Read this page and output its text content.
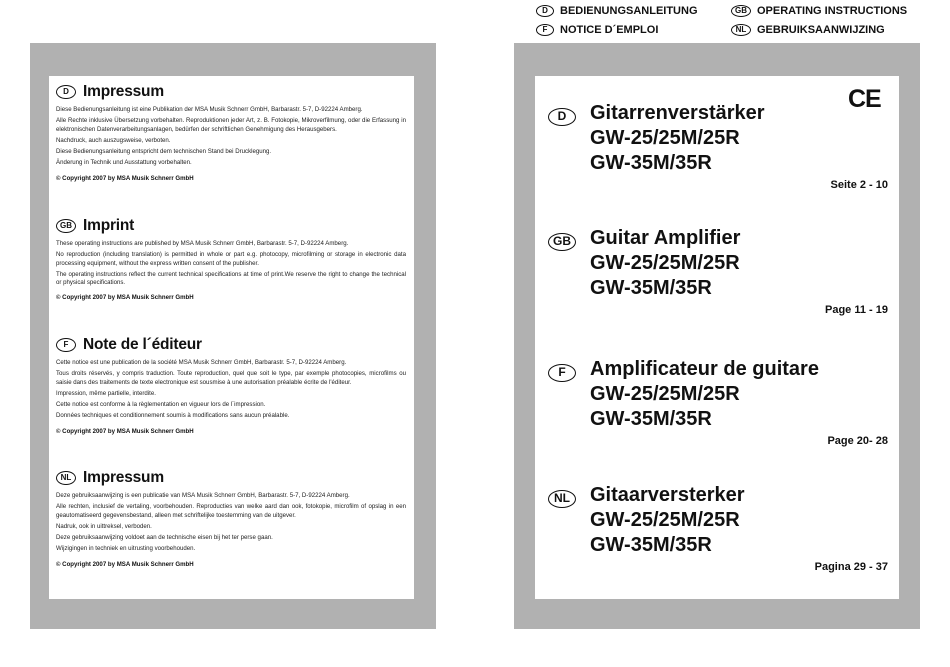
D	BEDIENUNGSANLEITUNG	GB OPERATING INSTRUCTIONS
F	NOTICE D´EMPLOI	NL GEBRUIKSAANWIJZING
D Impressum
Diese Bedienungsanleitung ist eine Publikation der MSA Musik Schnerr GmbH, Barbarastr. 5-7, D-92224 Amberg.
Alle Rechte inklusive Übersetzung vorbehalten. Reproduktionen jeder Art, z. B. Fotokopie, Mikroverfilmung, oder die Erfassung in elektronischen Datenverarbeitungsanlagen, bedürfen der schriftlichen Genehmigung des Herausgebers.
Nachdruck, auch auszugsweise, verboten.
Diese Bedienungsanleitung entspricht dem technischen Stand bei Drucklegung.
Änderung in Technik und Ausstattung vorbehalten.
© Copyright 2007 by MSA Musik Schnerr GmbH
GB Imprint
These operating instructions are published by MSA Musik Schnerr GmbH, Barbarastr. 5-7, D-92224 Amberg.
No reproduction (including translation) is permitted in whole or part e.g. photocopy, microfilming or storage in electronic data processing equipment, without the express written consent of the publisher.
The operating instructions reflect the current technical specifications at time of print.We reserve the right to change the technical or physical specifications.
© Copyright 2007 by MSA Musik Schnerr GmbH
F Note de l´éditeur
Cette notice est une publication de la société MSA Musik Schnerr GmbH, Barbarastr. 5-7, D-92224 Amberg.
Tous droits réservés, y compris traduction. Toute reproduction, quel que soit le type, par exemple photocopies, microfilms ou saisie dans des traitements de texte electronique est sousmise à une autorisation préalable écrite de l'éditeur.
Impression, même partielle, interdite.
Cette notice est conforme à la règlementation en vigueur lors de l´impression.
Données techniques et conditionnement soumis à modifications sans aucun préalable.
© Copyright 2007 by MSA Musik Schnerr GmbH
NL Impressum
Deze gebruiksaanwijzing is een publicatie van MSA Musik Schnerr GmbH, Barbarastr. 5-7, D-92224 Amberg.
Alle rechten, inclusief de vertaling, voorbehouden. Reproducties van welke aard dan ook, fotokopie, microfilm of opslag in een geautomatiseerd gegevensbestand, alleen met schriftelijke toestemming van de uitgever.
Nadruk, ook in uittreksel, verboden.
Deze gebruiksaanwijzing voldoet aan de technische eisen bij het ter perse gaan.
Wijzigingen in techniek en uitrusting voorbehouden.
© Copyright 2007 by MSA Musik Schnerr GmbH
CE
D	Gitarrenverstärker
GW-25/25M/25R
GW-35M/35R
Seite 2 - 10
GB Guitar Amplifier
GW-25/25M/25R
GW-35M/35R
Page 11 - 19
F	Amplificateur de guitare
GW-25/25M/25R
GW-35M/35R
Page 20- 28
NL	Gitaarversterker
GW-25/25M/25R
GW-35M/35R
Pagina 29 - 37
